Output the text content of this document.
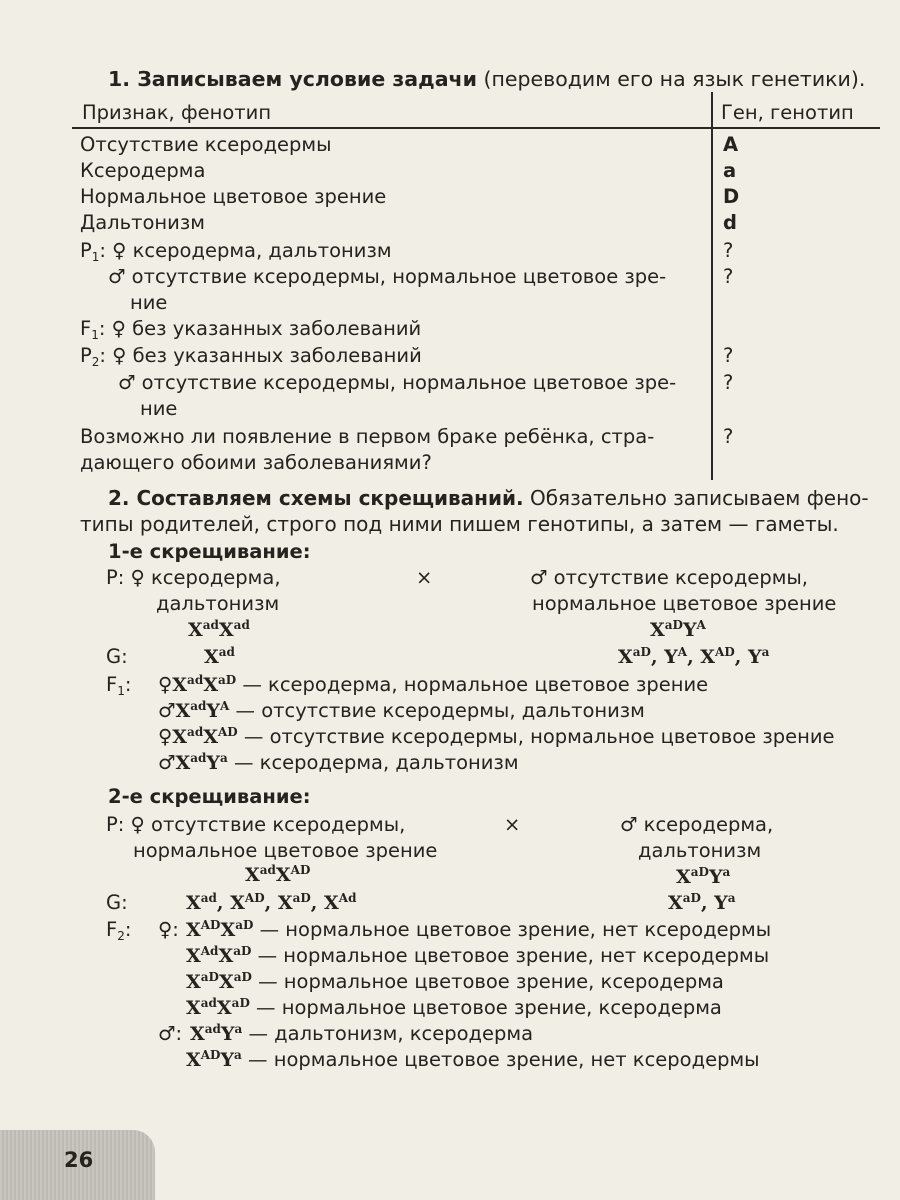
1. Записываем условие задачи (переводим его на язык генетики).
Признак, фенотип	Ген, генотип
Отсутствие ксеродермы	A
Ксеродерма	a
Нормальное цветовое зрение	D
Дальтонизм	d
$P_1$: ♀ ксеродерма, дальтонизм	?
♂ отсутствие ксеродермы, нормальное цветовое зре-	?
ние
$F_1$: ♀ без указанных заболеваний
$P_2$: ♀ без указанных заболеваний	?
♂ отсутствие ксеродермы, нормальное цветовое зре- ?
ние
Возможно ли появление в первом браке ребёнка, стра-	?
дающего обоими заболеваниями?
2. Составляем схемы скрещиваний. Обязательно записываем фено-
типы родителей, строго под ними пишем генотипы, а затем — гаметы.
1-е скрещивание:
P: ♀ ксеродерма,
дальтонизм
×	♂ отсутствие ксеродермы,
нормальное цветовое зрение
$X^{ad}X^{ad}$	$X^{aD}Y^A$
G:	$X^{ad}$	$X^{aD}$, $Y^A$, $X^{AD}$, $Y^a$
$F_1$: $♀X^{ad}X^{aD}$ — ксеродерма, нормальное цветовое зрение
$♂X^{ad}Y^A$ — отсутствие ксеродермы, дальтонизм
$♀X^{ad}X^{AD}$ — отсутствие ксеродермы, нормальное цветовое зрение
$♂X^{ad}Y^a$ — ксеродерма, дальтонизм
2-е скрещивание:
P: ♀ отсутствие ксеродермы,
нормальное цветовое зрение
×	♂ ксеродерма,
дальтонизм
$X^{ad}X^{AD}$	$X^{aD}Y^a$
G:	$X^{ad}$, $X^{AD}$, $X^{aD}$, $X^{Ad}$	$X^{aD}$, $Y^a$
$F_2$: ♀: $X^{AD}X^{aD}$ — нормальное цветовое зрение, нет ксеродермы
$X^{Ad}X^{aD}$ — нормальное цветовое зрение, нет ксеродермы
$X^{aD}X^{aD}$ — нормальное цветовое зрение, ксеродерма
$X^{ad}X^{aD}$ — нормальное цветовое зрение, ксеродерма
♂: $X^{ad}Y^a$ — дальтонизм, ксеродерма
$X^{AD}Y^a$ — нормальное цветовое зрение, нет ксеродермы
26
